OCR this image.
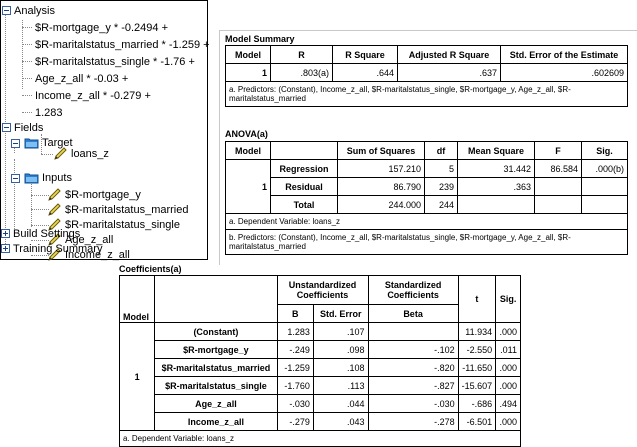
Analysis
$R-mortgage_y * -0.2494 +
$R-maritalstatus_married * -1.259 +
$R-maritalstatus_single * -1.76 +
Age_z_all * -0.03 +
Income_z_all * -0.279 +
1.283
Fields
Target
loans_z
Inputs
$R-mortgage_y
$R-maritalstatus_married
$R-maritalstatus_single
Age_z_all
Income_z_all
Build Settings
Training Summary
Model Summary
Model	R	R Square	Adjusted R Square	Std. Error of the Estimate
1	.803(a)	.644	.637	.602609
a. Predictors: (Constant), Income_z_all, $R-maritalstatus_single, $R-mortgage_y, Age_z_all, $R-maritalstatus_married				
ANOVA(a)
Model		Sum of Squares	df	Mean Square	F	Sig.
1	Regression	157.210	5	31.442	86.584	.000(b)
	Residual	86.790	239	.363		
	Total	244.000	244			
a. Dependent Variable: loans_z						
b. Predictors: (Constant), Income_z_all, $R-maritalstatus_single, $R-mortgage_y, Age_z_all, $R-maritalstatus_married						
Coefficients(a)
Model		Unstandardized Coefficients		Standardized Coefficients	t	Sig.
		B	Std. Error	Beta		
1	(Constant)	1.283	.107		11.934	.000
	$R-mortgage_y	-.249	.098	-.102	-2.550	.011
	$R-maritalstatus_married	-1.259	.108	-.820	-11.650	.000
	$R-maritalstatus_single	-1.760	.113	-.827	-15.607	.000
	Age_z_all	-.030	.044	-.030	-.686	.494
	Income_z_all	-.279	.043	-.278	-6.501	.000
a. Dependent Variable: loans_z						
